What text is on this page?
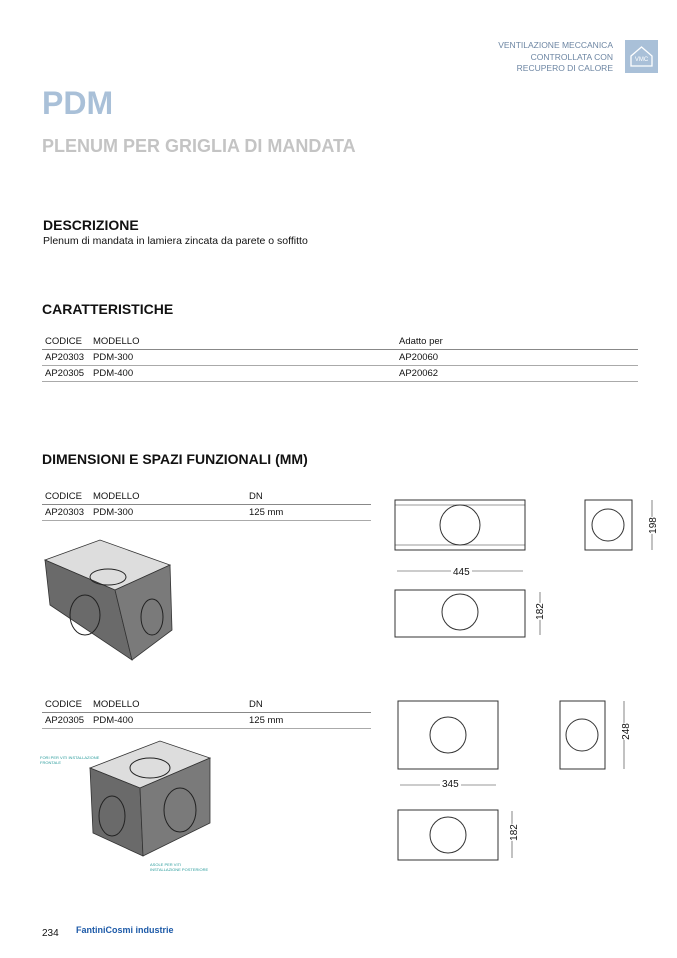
VENTILAZIONE MECCANICA
CONTROLLATA CON
RECUPERO DI CALORE
VMC
PDM
PLENUM PER GRIGLIA DI MANDATA
DESCRIZIONE
Plenum di mandata in lamiera zincata da parete o soffitto
CARATTERISTICHE
CODICE	MODELLO	Adatto per
AP20303	PDM-300	AP20060
AP20305	PDM-400	AP20062
DIMENSIONI E SPAZI FUNZIONALI (MM)
CODICE	MODELLO	DN
AP20303	PDM-300	125 mm
CODICE	MODELLO	DN
AP20305	PDM-400	125 mm
FORI PER VITI INSTALLAZIONE FRONTALE
ASOLE PER VITI INSTALLAZIONE POSTERIORE
445
182
198
345
182
248
234 FantiniCosmi industrie
